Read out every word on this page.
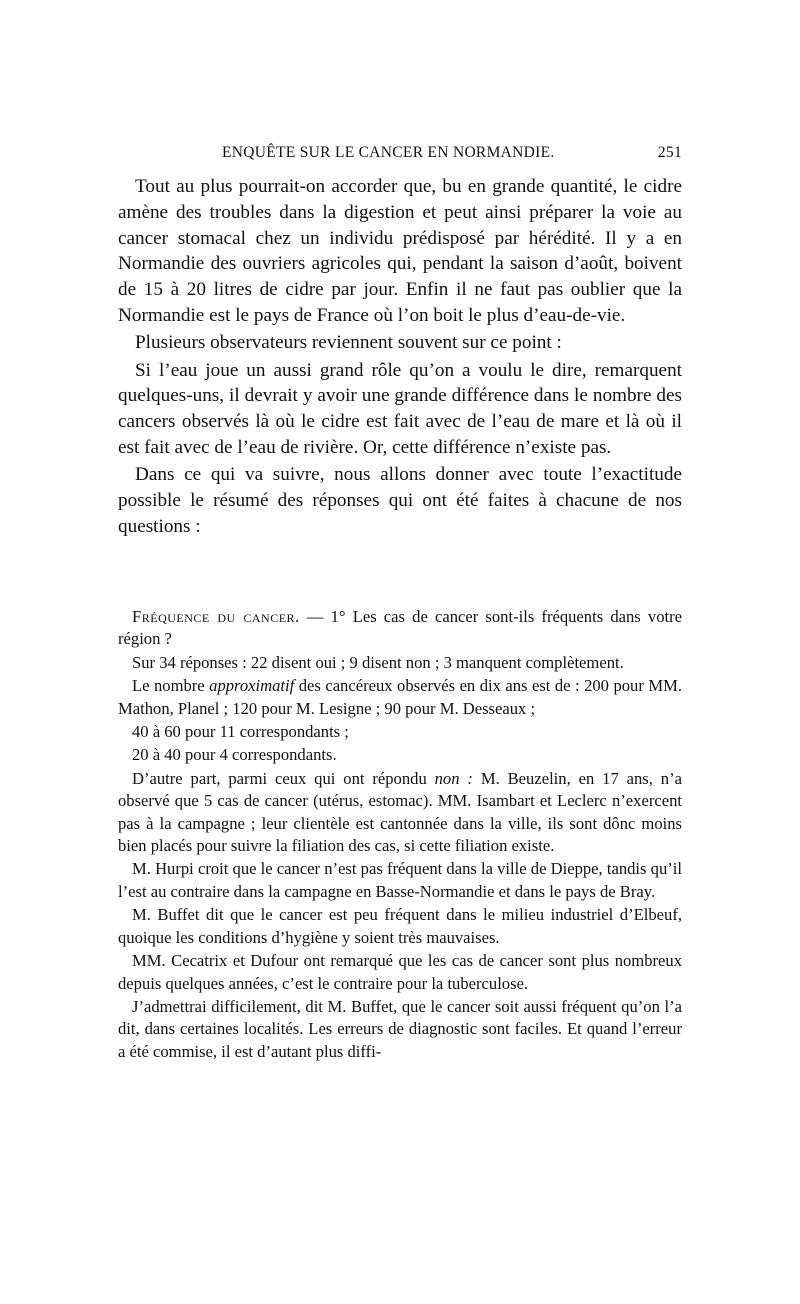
ENQUÊTE SUR LE CANCER EN NORMANDIE.	251

Tout au plus pourrait-on accorder que, bu en grande quantité, le cidre amène des troubles dans la digestion et peut ainsi préparer la voie au cancer stomacal chez un individu prédisposé par hérédité. Il y a en Normandie des ouvriers agricoles qui, pendant la saison d’août, boivent de 15 à 20 litres de cidre par jour. Enfin il ne faut pas oublier que la Normandie est le pays de France où l’on boit le plus d’eau-de-vie.

Plusieurs observateurs reviennent souvent sur ce point :

Si l’eau joue un aussi grand rôle qu’on a voulu le dire, remarquent quelques-uns, il devrait y avoir une grande différence dans le nombre des cancers observés là où le cidre est fait avec de l’eau de mare et là où il est fait avec de l’eau de rivière. Or, cette différence n’existe pas.

Dans ce qui va suivre, nous allons donner avec toute l’exactitude possible le résumé des réponses qui ont été faites à chacune de nos questions :

Fréquence du cancer. — 1° Les cas de cancer sont-ils fréquents dans votre région ?

Sur 34 réponses : 22 disent oui ; 9 disent non ; 3 manquent complètement.

Le nombre approximatif des cancéreux observés en dix ans est de : 200 pour MM. Mathon, Planel ; 120 pour M. Lesigne ; 90 pour M. Desseaux ;

40 à 60 pour 11 correspondants ;

20 à 40 pour 4 correspondants.

D’autre part, parmi ceux qui ont répondu non : M. Beuzelin, en 17 ans, n’a observé que 5 cas de cancer (utérus, estomac). MM. Isambart et Leclerc n’exercent pas à la campagne ; leur clientèle est cantonnée dans la ville, ils sont dônc moins bien placés pour suivre la filiation des cas, si cette filiation existe.

M. Hurpi croit que le cancer n’est pas fréquent dans la ville de Dieppe, tandis qu’il l’est au contraire dans la campagne en Basse-Normandie et dans le pays de Bray.

M. Buffet dit que le cancer est peu fréquent dans le milieu industriel d’Elbeuf, quoique les conditions d’hygiène y soient très mauvaises.

MM. Cecatrix et Dufour ont remarqué que les cas de cancer sont plus nombreux depuis quelques années, c’est le contraire pour la tuberculose.

J’admettrai difficilement, dit M. Buffet, que le cancer soit aussi fréquent qu’on l’a dit, dans certaines localités. Les erreurs de diagnostic sont faciles. Et quand l’erreur a été commise, il est d’autant plus diffi-
